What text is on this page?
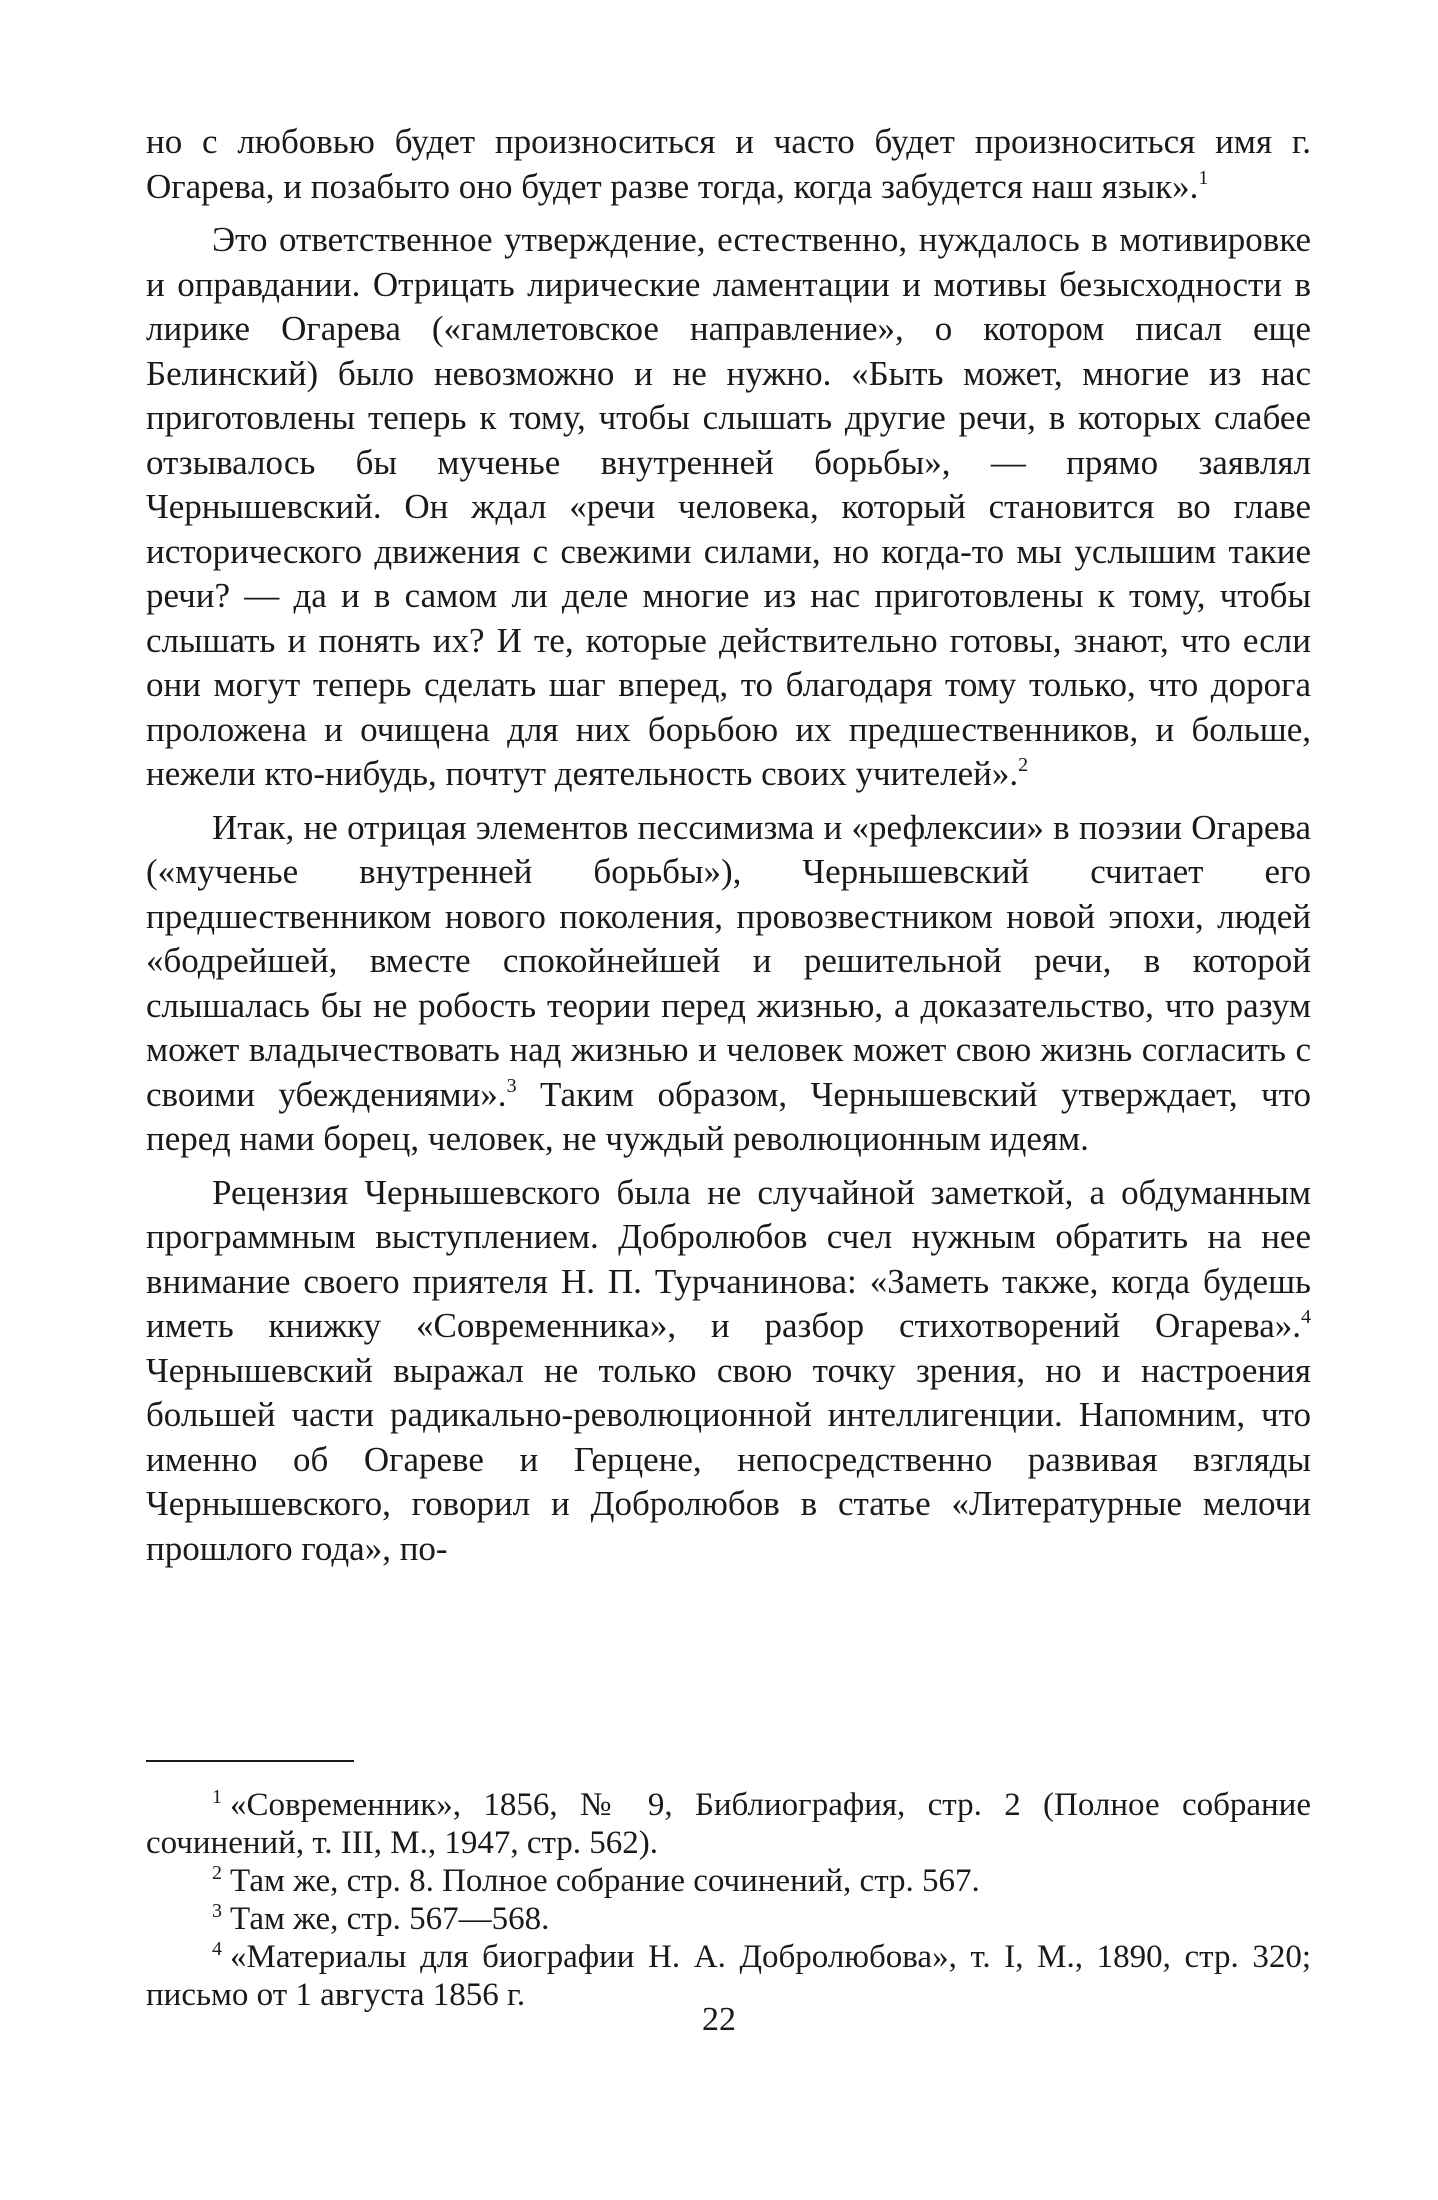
но с любовью будет произноситься и часто будет произноситься имя г. Огарева, и позабыто оно будет разве тогда, когда забудется наш язык».$^1$

Это ответственное утверждение, естественно, нуждалось в мотивировке и оправдании. Отрицать лирические ламентации и мотивы безысходности в лирике Огарева («гамлетовское направление», о котором писал еще Белинский) было невозможно и не нужно. «Быть может, многие из нас приготовлены теперь к тому, чтобы слышать другие речи, в которых слабее отзывалось бы мученье внутренней борьбы», — прямо заявлял Чернышевский. Он ждал «речи человека, который становится во главе исторического движения с свежими силами, но когда-то мы услышим такие речи? — да и в самом ли деле многие из нас приготовлены к тому, чтобы слышать и понять их? И те, которые действительно готовы, знают, что если они могут теперь сделать шаг вперед, то благодаря тому только, что дорога проложена и очищена для них борьбою их предшественников, и больше, нежели кто-нибудь, почтут деятельность своих учителей».$^2$

Итак, не отрицая элементов пессимизма и «рефлексии» в поэзии Огарева («мученье внутренней борьбы»), Чернышевский считает его предшественником нового поколения, провозвестником новой эпохи, людей «бодрейшей, вместе спокойнейшей и решительной речи, в которой слышалась бы не робость теории перед жизнью, а доказательство, что разум может владычествовать над жизнью и человек может свою жизнь согласить с своими убеждениями».$^3$ Таким образом, Чернышевский утверждает, что перед нами борец, человек, не чуждый революционным идеям.

Рецензия Чернышевского была не случайной заметкой, а обдуманным программным выступлением. Добролюбов счел нужным обратить на нее внимание своего приятеля Н. П. Турчанинова: «Заметь также, когда будешь иметь книжку «Современника», и разбор стихотворений Огарева».$^4$ Чернышевский выражал не только свою точку зрения, но и настроения большей части радикально-революционной интеллигенции. Напомним, что именно об Огареве и Герцене, непосредственно развивая взгляды Чернышевского, говорил и Добролюбов в статье «Литературные мелочи прошлого года», по-

$^1$ «Современник», 1856, № 9, Библиография, стр. 2 (Полное собрание сочинений, т. III, М., 1947, стр. 562).

$^2$ Там же, стр. 8. Полное собрание сочинений, стр. 567.

$^3$ Там же, стр. 567—568.

$^4$ «Материалы для биографии Н. А. Добролюбова», т. I, М., 1890, стр. 320; письмо от 1 августа 1856 г.

22
